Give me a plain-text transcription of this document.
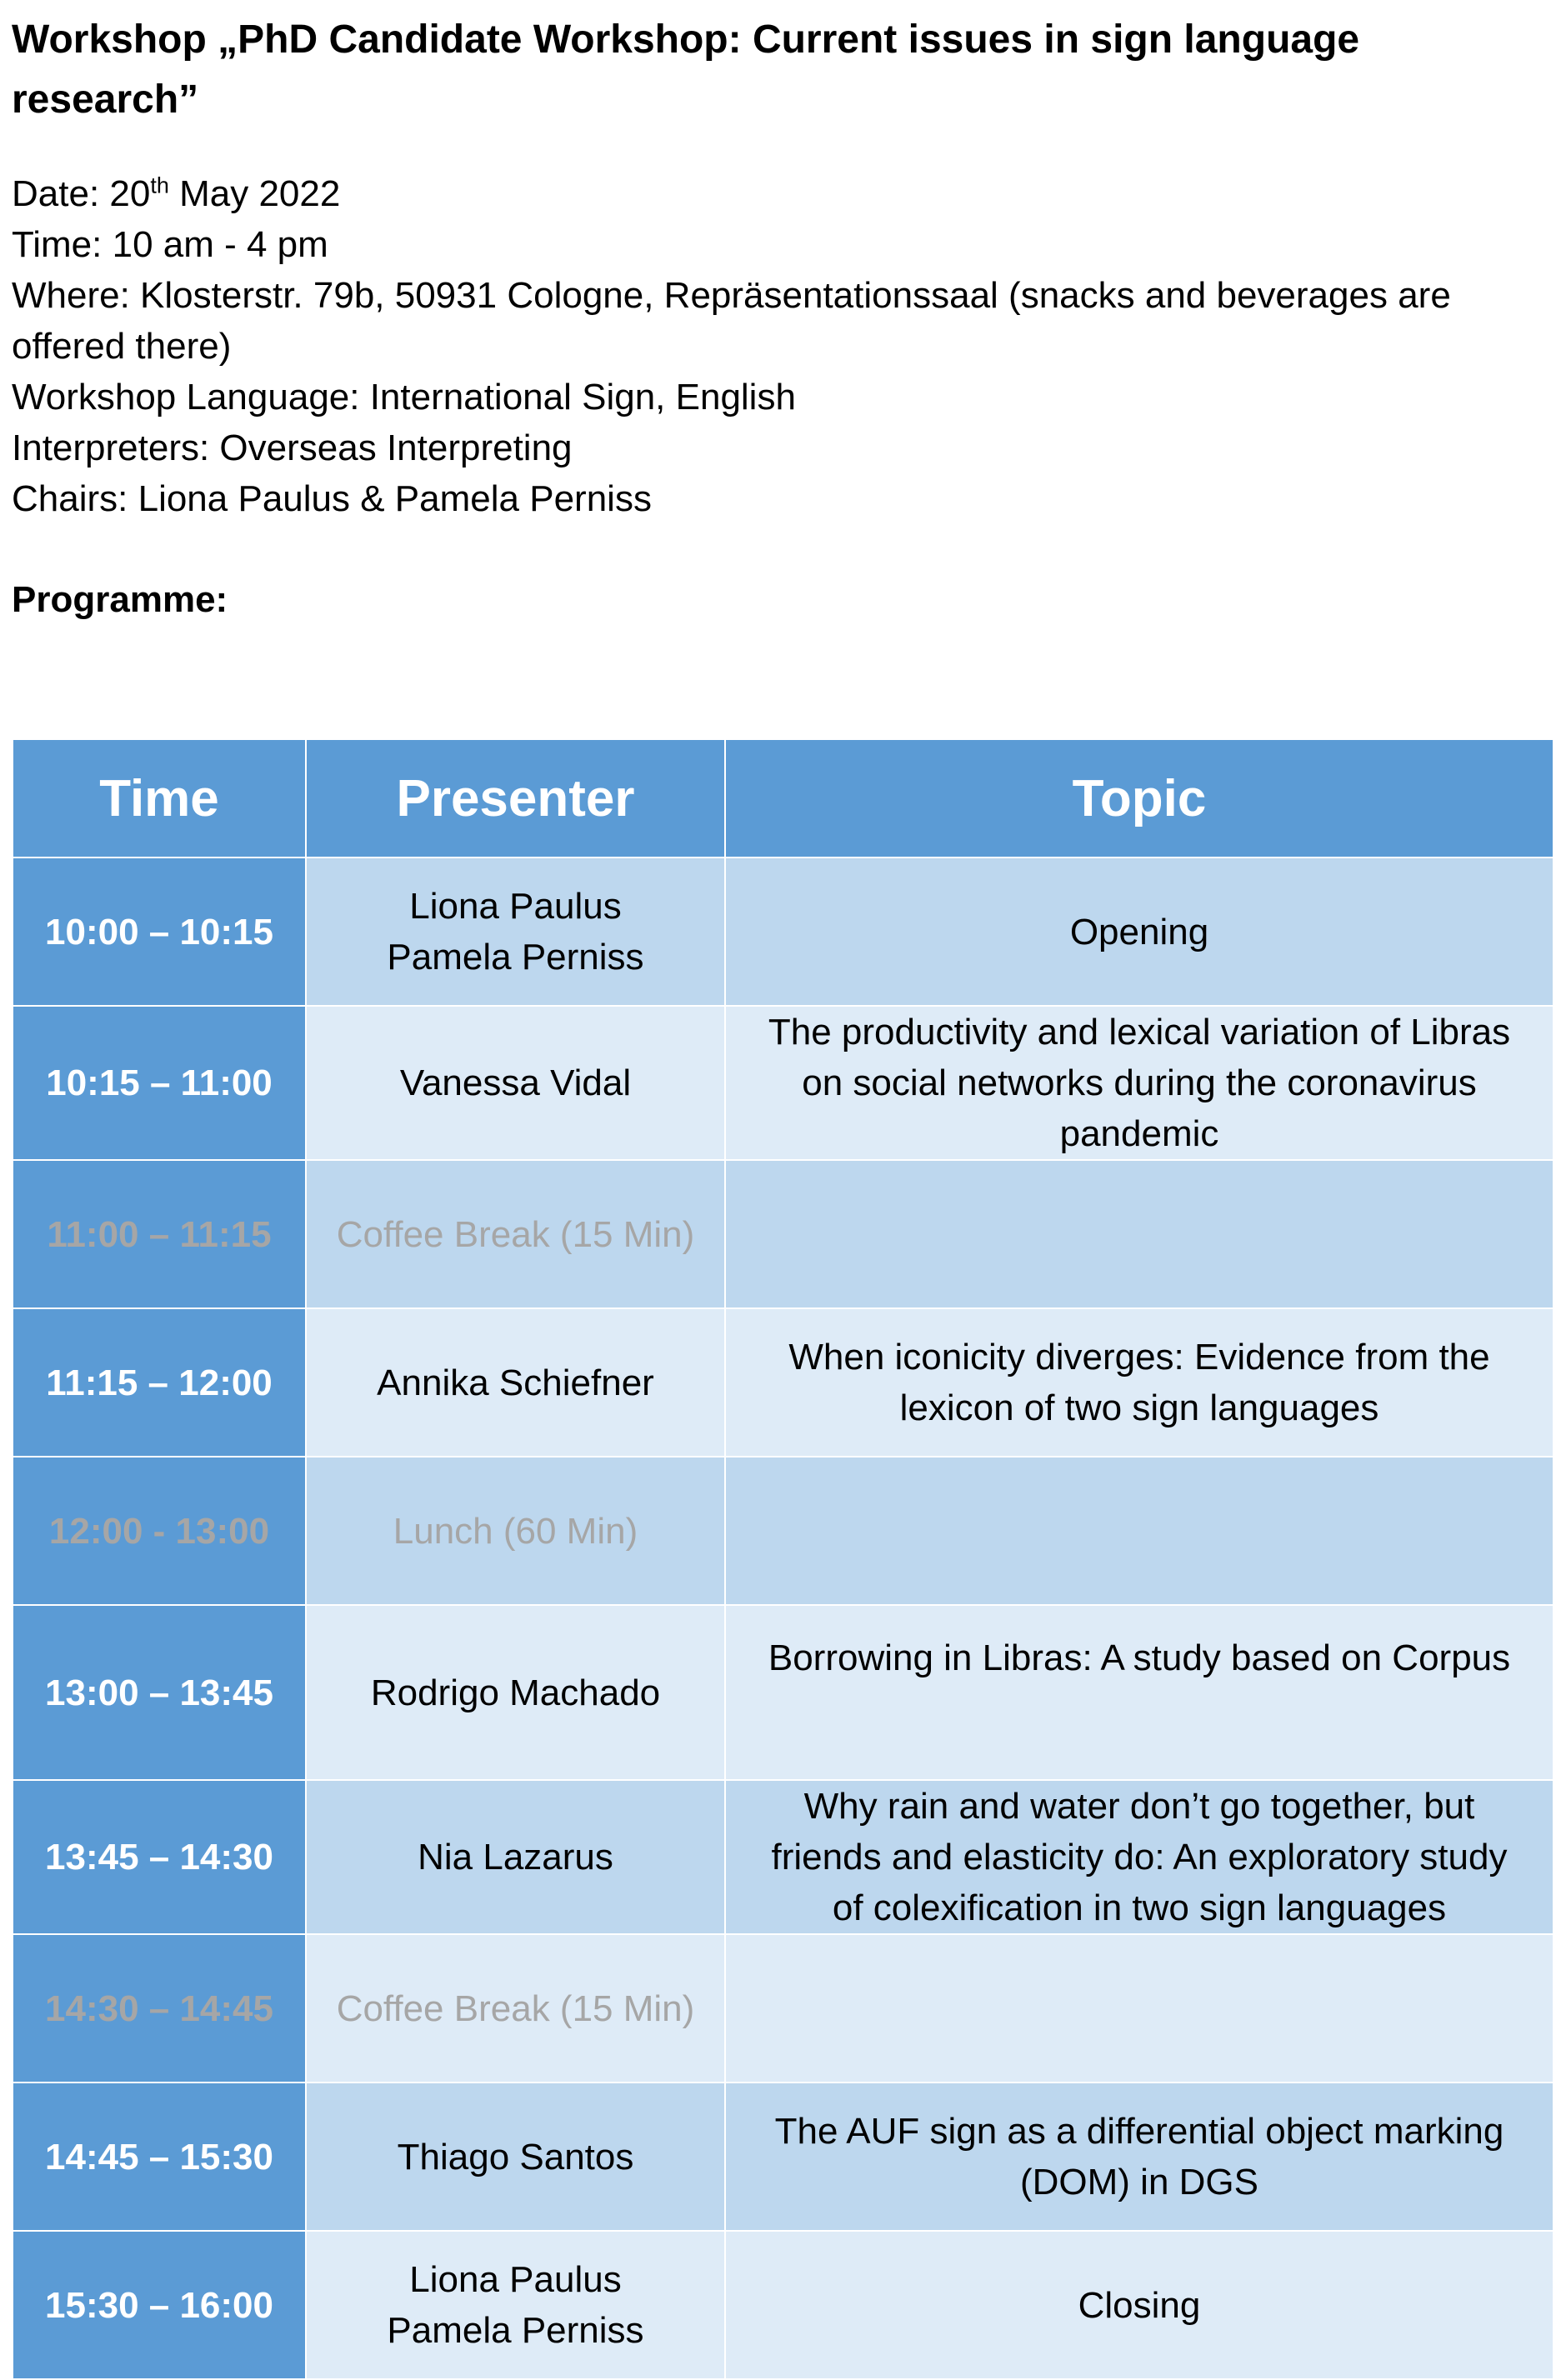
Workshop „PhD Candidate Workshop: Current issues in sign language research”

Date: 20th May 2022
Time: 10 am - 4 pm
Where: Klosterstr. 79b, 50931 Cologne, Repräsentationssaal (snacks and beverages are offered there)
Workshop Language: International Sign, English
Interpreters: Overseas Interpreting
Chairs: Liona Paulus & Pamela Perniss
Programme:
Time	Presenter	Topic
10:00 – 10:15	Liona Paulus
Pamela Perniss	Opening

10:15 – 11:00	Vanessa Vidal	The productivity and lexical variation of Libras
on social networks during the coronavirus
pandemic

11:00 – 11:15	Coffee Break (15 Min)	

11:15 – 12:00	Annika Schiefner	When iconicity diverges: Evidence from the
lexicon of two sign languages

12:00 - 13:00	Lunch (60 Min)	

13:00 – 13:45	Rodrigo Machado	Borrowing in Libras: A study based on Corpus

13:45 – 14:30	Nia Lazarus	Why rain and water don’t go together, but
friends and elasticity do: An exploratory study
of colexification in two sign languages

14:30 – 14:45	Coffee Break (15 Min)	

14:45 – 15:30	Thiago Santos	The AUF sign as a differential object marking
(DOM) in DGS

15:30 – 16:00	Liona Paulus
Pamela Perniss	Closing
